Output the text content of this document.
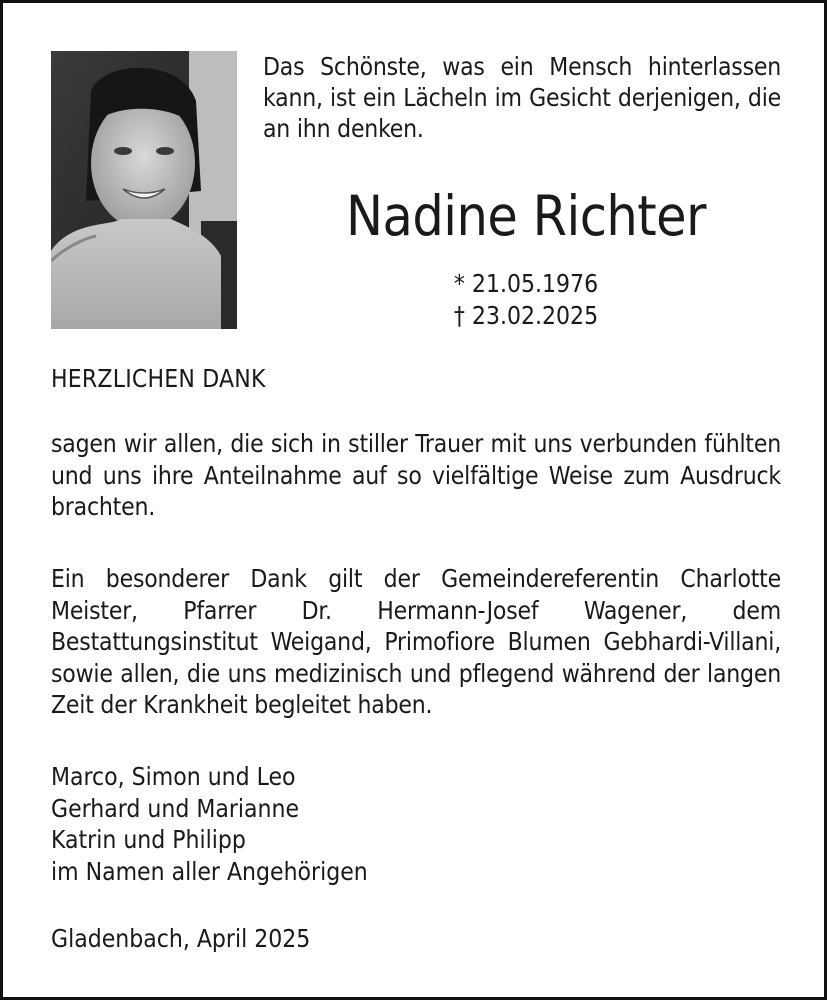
Das Schönste, was ein Mensch hinterlassen kann, ist ein Lächeln im Gesicht derjenigen, die an ihn denken.
Nadine Richter
* 21.05.1976
† 23.02.2025
HERZLICHEN DANK

sagen wir allen, die sich in stiller Trauer mit uns verbunden fühlten und uns ihre Anteilnahme auf so vielfältige Weise zum Ausdruck brachten.

Ein besonderer Dank gilt der Gemeindereferentin Charlotte Meister, Pfarrer Dr. Hermann-Josef Wagener, dem Bestattungsinstitut Weigand, Primofiore Blumen Gebhardi-Villani, sowie allen, die uns medizinisch und pflegend während der langen Zeit der Krankheit begleitet haben.

Marco, Simon und Leo
Gerhard und Marianne
Katrin und Philipp
im Namen aller Angehörigen
Gladenbach, April 2025
